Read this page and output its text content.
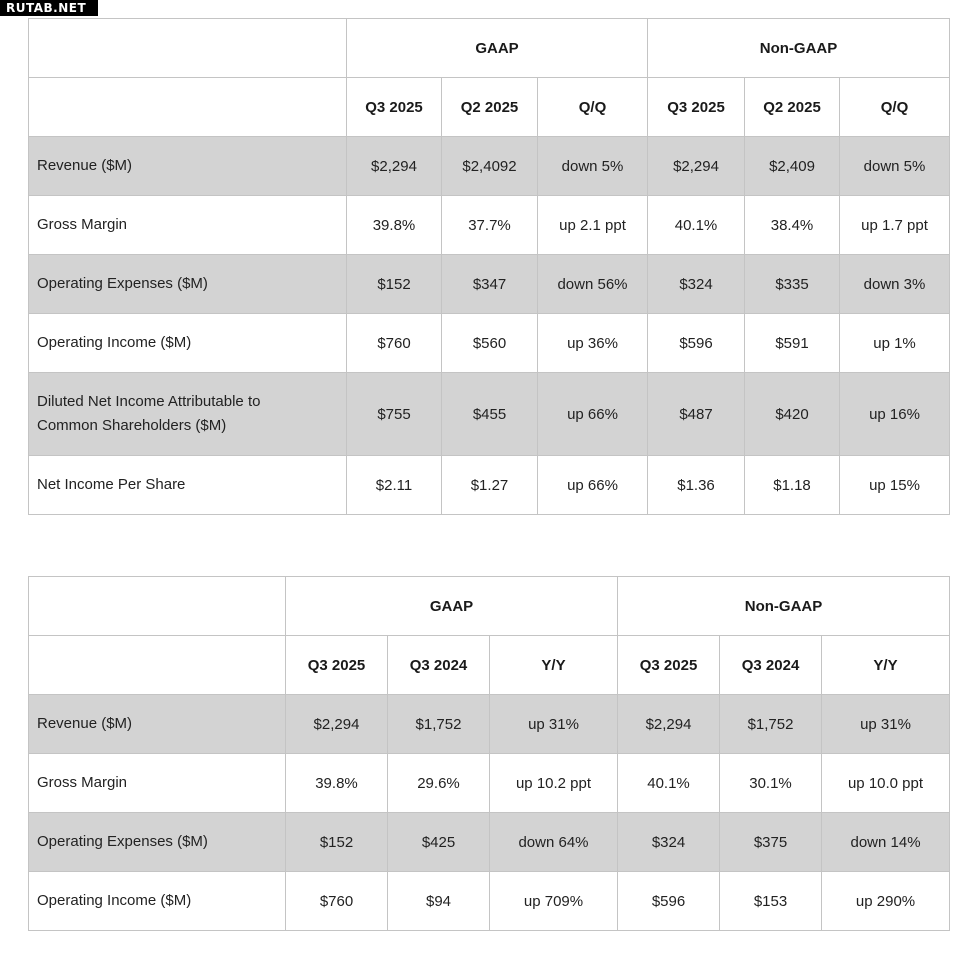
RUTAB.NET
	GAAP			Non-GAAP		
	Q3 2025	Q2 2025	Q/Q	Q3 2025	Q2 2025	Q/Q
Revenue ($M)	$2,294	$2,4092	down 5%	$2,294	$2,409	down 5%
Gross Margin	39.8%	37.7%	up 2.1 ppt	40.1%	38.4%	up 1.7 ppt
Operating Expenses ($M)	$152	$347	down 56%	$324	$335	down 3%
Operating Income ($M)	$760	$560	up 36%	$596	$591	up 1%
Diluted Net Income Attributable to
Common Shareholders ($M)	$755	$455	up 66%	$487	$420	up 16%
Net Income Per Share	$2.11	$1.27	up 66%	$1.36	$1.18	up 15%
	GAAP			Non-GAAP		
	Q3 2025	Q3 2024	Y/Y	Q3 2025	Q3 2024	Y/Y
Revenue ($M)	$2,294	$1,752	up 31%	$2,294	$1,752	up 31%
Gross Margin	39.8%	29.6%	up 10.2 ppt	40.1%	30.1%	up 10.0 ppt
Operating Expenses ($M)	$152	$425	down 64%	$324	$375	down 14%
Operating Income ($M)	$760	$94	up 709%	$596	$153	up 290%
